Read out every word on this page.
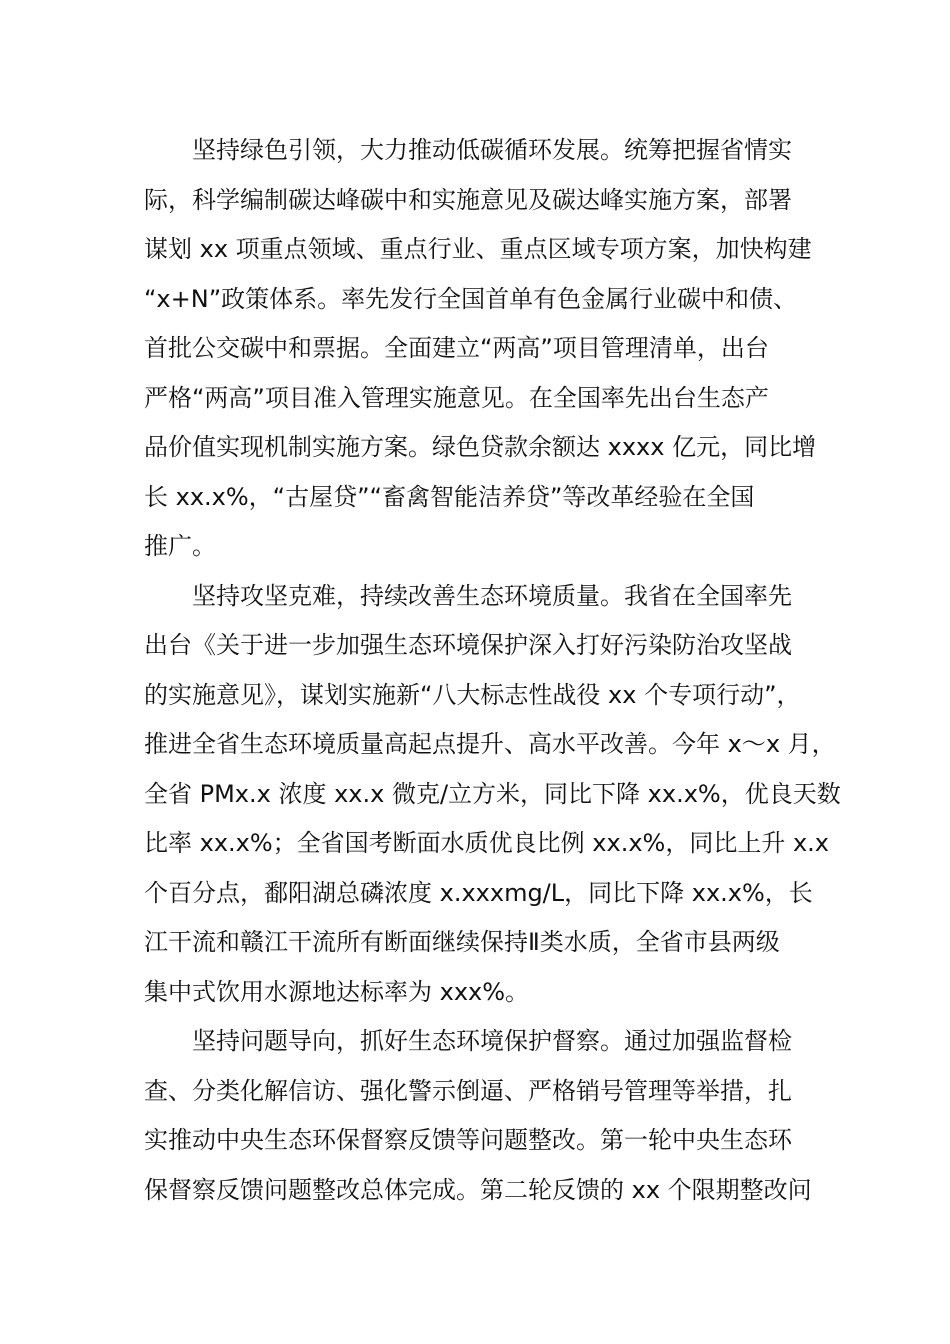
坚持绿色引领，大力推动低碳循环发展。统筹把握省情实
际，科学编制碳达峰碳中和实施意见及碳达峰实施方案，部署
谋划 xx 项重点领域、重点行业、重点区域专项方案，加快构建
“x+N”政策体系。率先发行全国首单有色金属行业碳中和债、
首批公交碳中和票据。全面建立“两高”项目管理清单，出台
严格“两高”项目准入管理实施意见。在全国率先出台生态产
品价值实现机制实施方案。绿色贷款余额达 xxxx 亿元，同比增
长 xx.x%，“古屋贷”“畜禽智能洁养贷”等改革经验在全国
推广。

坚持攻坚克难，持续改善生态环境质量。我省在全国率先
出台《关于进一步加强生态环境保护深入打好污染防治攻坚战
的实施意见》，谋划实施新“八大标志性战役 xx 个专项行动”，
推进全省生态环境质量高起点提升、高水平改善。今年 x～x 月，
全省 PMx.x 浓度 xx.x 微克/立方米，同比下降 xx.x%，优良天数
比率 xx.x%；全省国考断面水质优良比例 xx.x%，同比上升 x.x
个百分点，鄱阳湖总磷浓度 x.xxxmg/L，同比下降 xx.x%，长
江干流和赣江干流所有断面继续保持Ⅱ类水质，全省市县两级
集中式饮用水源地达标率为 xxx%。

坚持问题导向，抓好生态环境保护督察。通过加强监督检
查、分类化解信访、强化警示倒逼、严格销号管理等举措，扎
实推动中央生态环保督察反馈等问题整改。第一轮中央生态环
保督察反馈问题整改总体完成。第二轮反馈的 xx 个限期整改问
